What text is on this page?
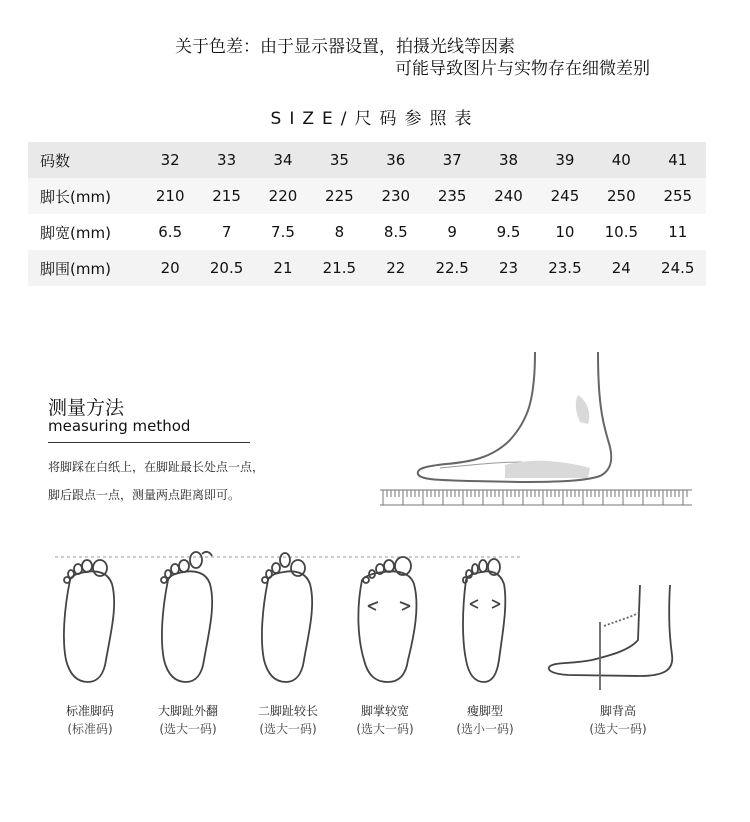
关于色差：由于显示器设置，拍摄光线等因素
可能导致图片与实物存在细微差别
SIZE/尺码参照表
码数	32	33	34	35	36	37	38	39	40	41
脚长(mm)	210	215	220	225	230	235	240	245	250	255
脚宽(mm)	6.5	7	7.5	8	8.5	9	9.5	10	10.5	11
脚围(mm)	20	20.5	21	21.5	22	22.5	23	23.5	24	24.5
测量方法
measuring method
将脚踩在白纸上，在脚趾最长处点一点，
脚后跟点一点，测量两点距离即可。
标准脚码
(标准码)
大脚趾外翻
(选大一码)
二脚趾较长
(选大一码)
脚掌较宽
(选大一码)
瘦脚型
(选小一码)
脚背高
(选大一码)
